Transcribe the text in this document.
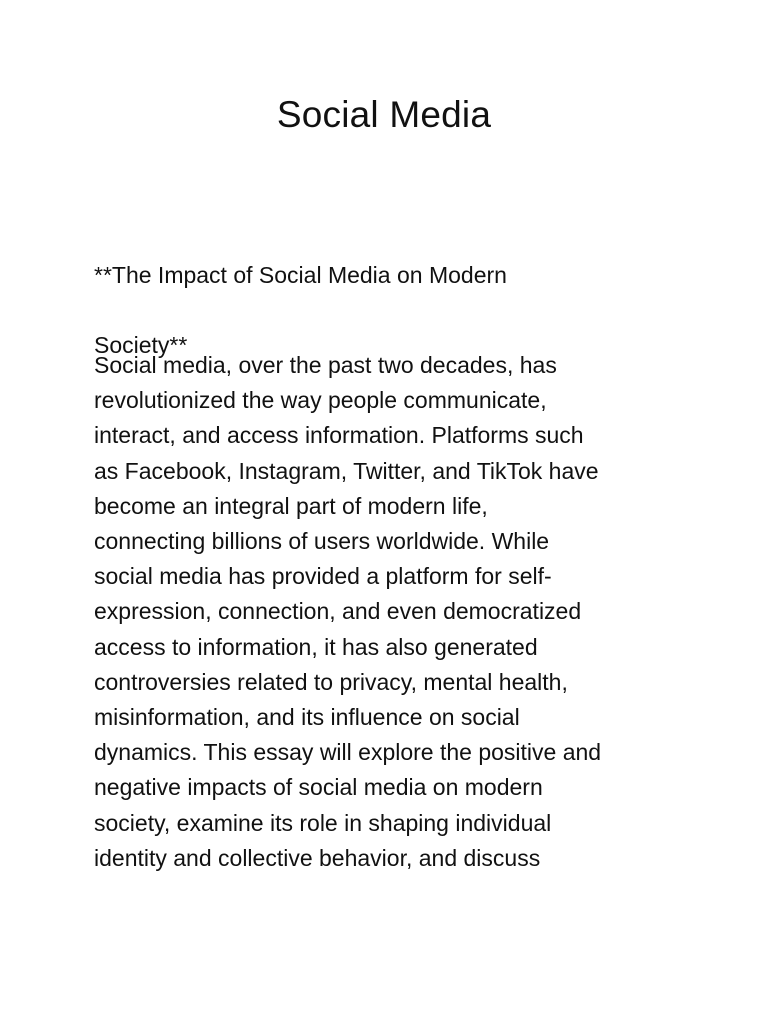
Social Media

**The Impact of Social Media on Modern

Society**

Social media, over the past two decades, has
revolutionized the way people communicate,
interact, and access information. Platforms such
as Facebook, Instagram, Twitter, and TikTok have
become an integral part of modern life,
connecting billions of users worldwide. While
social media has provided a platform for self-
expression, connection, and even democratized
access to information, it has also generated
controversies related to privacy, mental health,
misinformation, and its influence on social
dynamics. This essay will explore the positive and
negative impacts of social media on modern
society, examine its role in shaping individual
identity and collective behavior, and discuss
